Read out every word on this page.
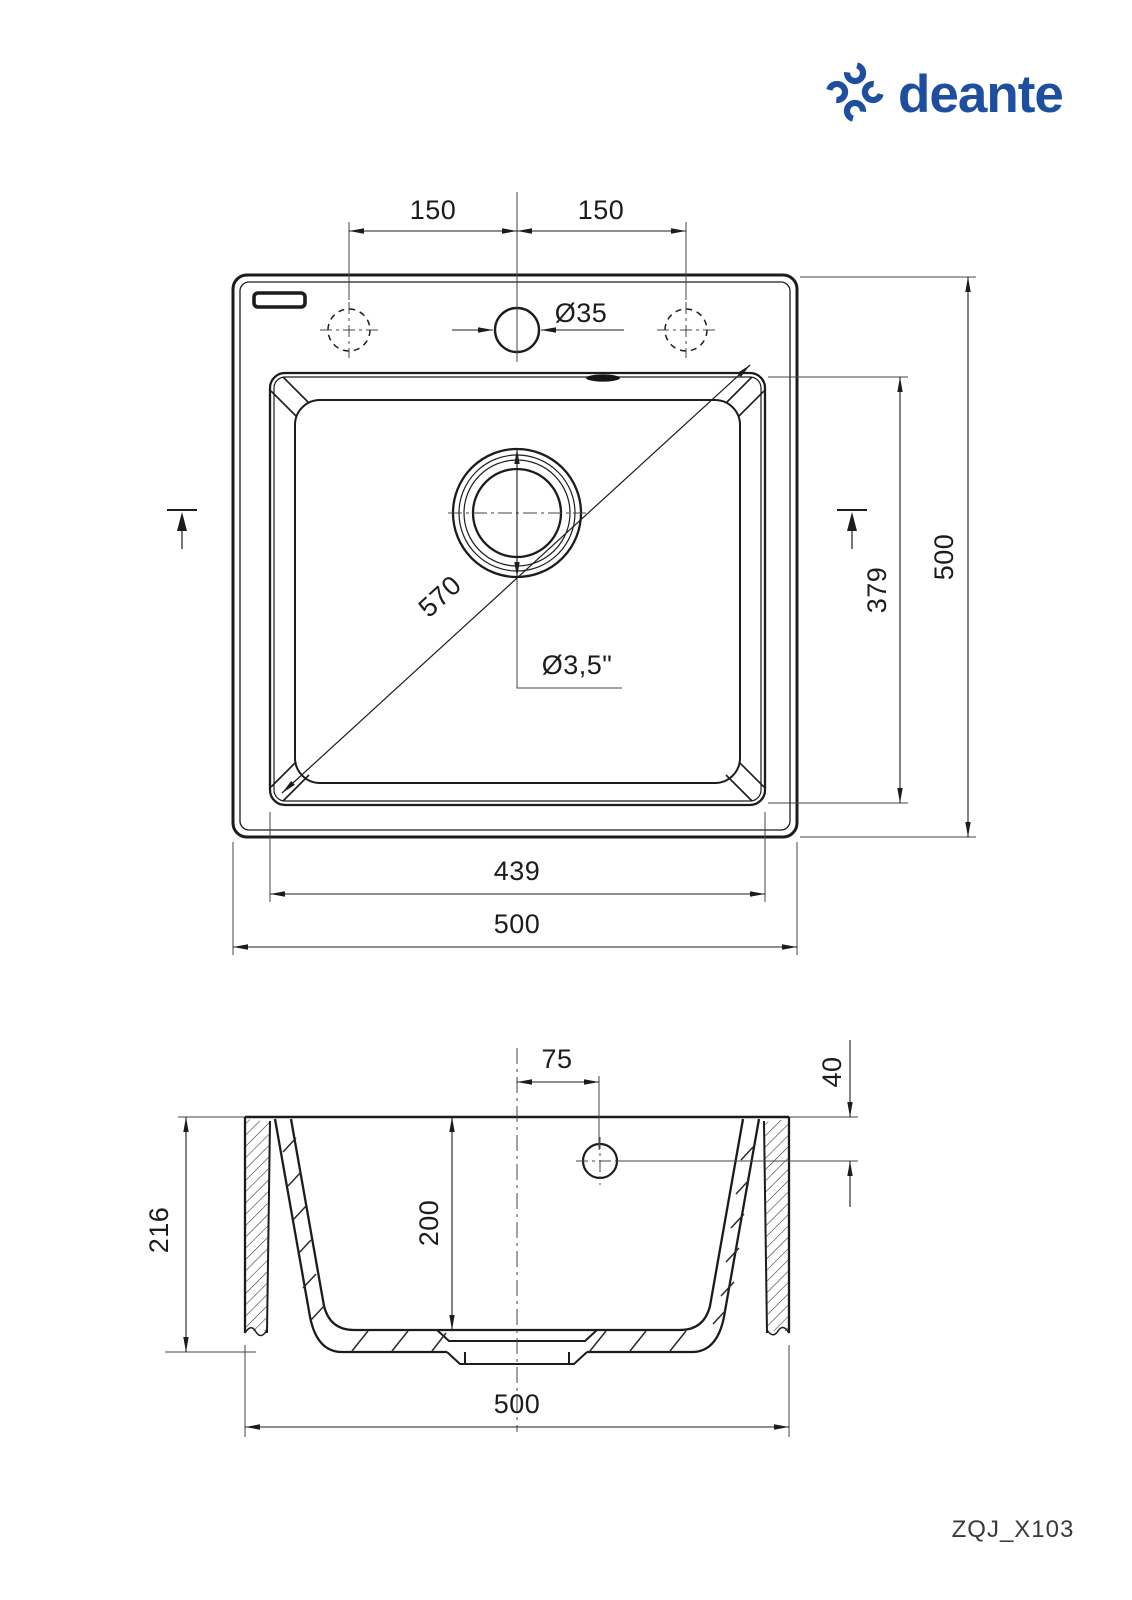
deante
150	150
Ø35
Ø3,5"
570
439
500
379
500
75	40
200
216
500
ZQJ_X103
